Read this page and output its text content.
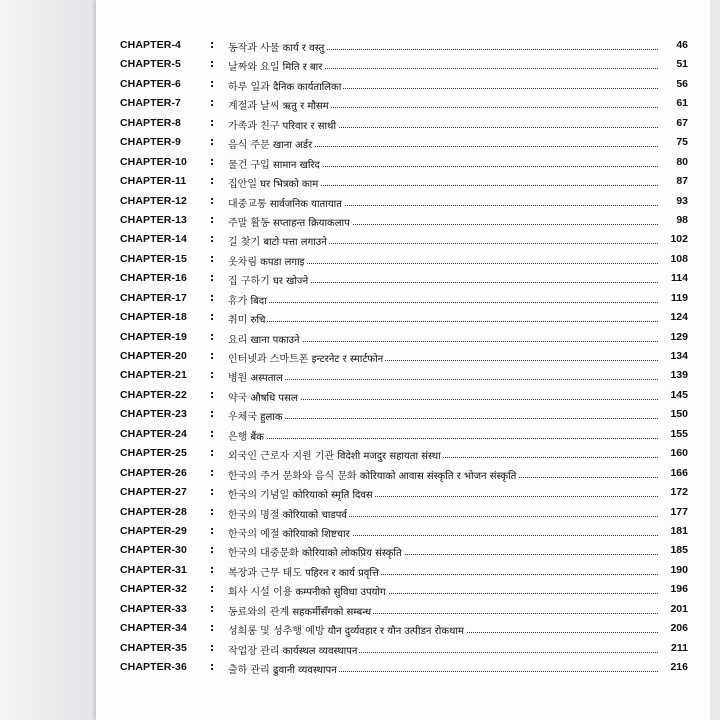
CHAPTER-4	: 동작과 사물 कार्य र वस्तु	46
CHAPTER-5	: 날짜와 요일 मिति र बार	51
CHAPTER-6	: 하루 일과 दैनिक कार्यतालिका	56
CHAPTER-7	: 계절과 날씨 ऋतु र मौसम	61
CHAPTER-8	: 가족과 친구 परिवार र साथी	67
CHAPTER-9	: 음식 주문 खाना अर्डर	75
CHAPTER-10 : 물건 구입 सामान खरिद	80
CHAPTER-11 : 집안일 घर भित्रको काम	87
CHAPTER-12 : 대중교통 सार्वजनिक यातायात	93
CHAPTER-13 : 주말 활동 सप्ताहन्त क्रियाकलाप	98
CHAPTER-14 : 길 찾기 बाटो पत्ता लगाउने	102
CHAPTER-15 : 옷차림 कपडा लगाइ	108
CHAPTER-16 : 집 구하기 घर खोज्ने	114
CHAPTER-17 : 휴가 बिदा	119
CHAPTER-18 : 취미 रुचि	124
CHAPTER-19 : 요리 खाना पकाउने	129
CHAPTER-20 : 인터넷과 스마트폰 इन्टरनेट र स्मार्टफोन	134
CHAPTER-21 : 병원 अस्पताल	139
CHAPTER-22 : 약국 औषधि पसल	145
CHAPTER-23 : 우체국 हुलाक	150
CHAPTER-24 : 은행 बैंक	155
CHAPTER-25 : 외국인 근로자 지원 기관 विदेशी मजदुर सहायता संस्था	160
CHAPTER-26 : 한국의 주거 문화와 음식 문화 कोरियाको आवास संस्कृति र भोजन संस्कृति	166
CHAPTER-27 : 한국의 기념일 कोरियाको स्मृति दिवस	172
CHAPTER-28 : 한국의 명절 कोरियाको चाडपर्व	177
CHAPTER-29 : 한국의 예절 कोरियाको शिष्टचार	181
CHAPTER-30 : 한국의 대중문화 कोरियाको लोकप्रिय संस्कृति	185
CHAPTER-31 : 복장과 근무 태도 पहिरन र कार्य प्रवृत्ति	190
CHAPTER-32 : 회사 시설 이용 कम्पनीको सुविधा उपयोग	196
CHAPTER-33 : 동료와의 관계 सहकर्मीसँगको सम्बन्ध	201
CHAPTER-34 : 성희롱 및 성추행 예방 यौन दुर्व्यवहार र यौन उत्पीडन रोकथाम	206
CHAPTER-35 : 작업장 관리 कार्यस्थल व्यवस्थापन	211
CHAPTER-36 : 출하 관리 ढुवानी व्यवस्थापन	216
